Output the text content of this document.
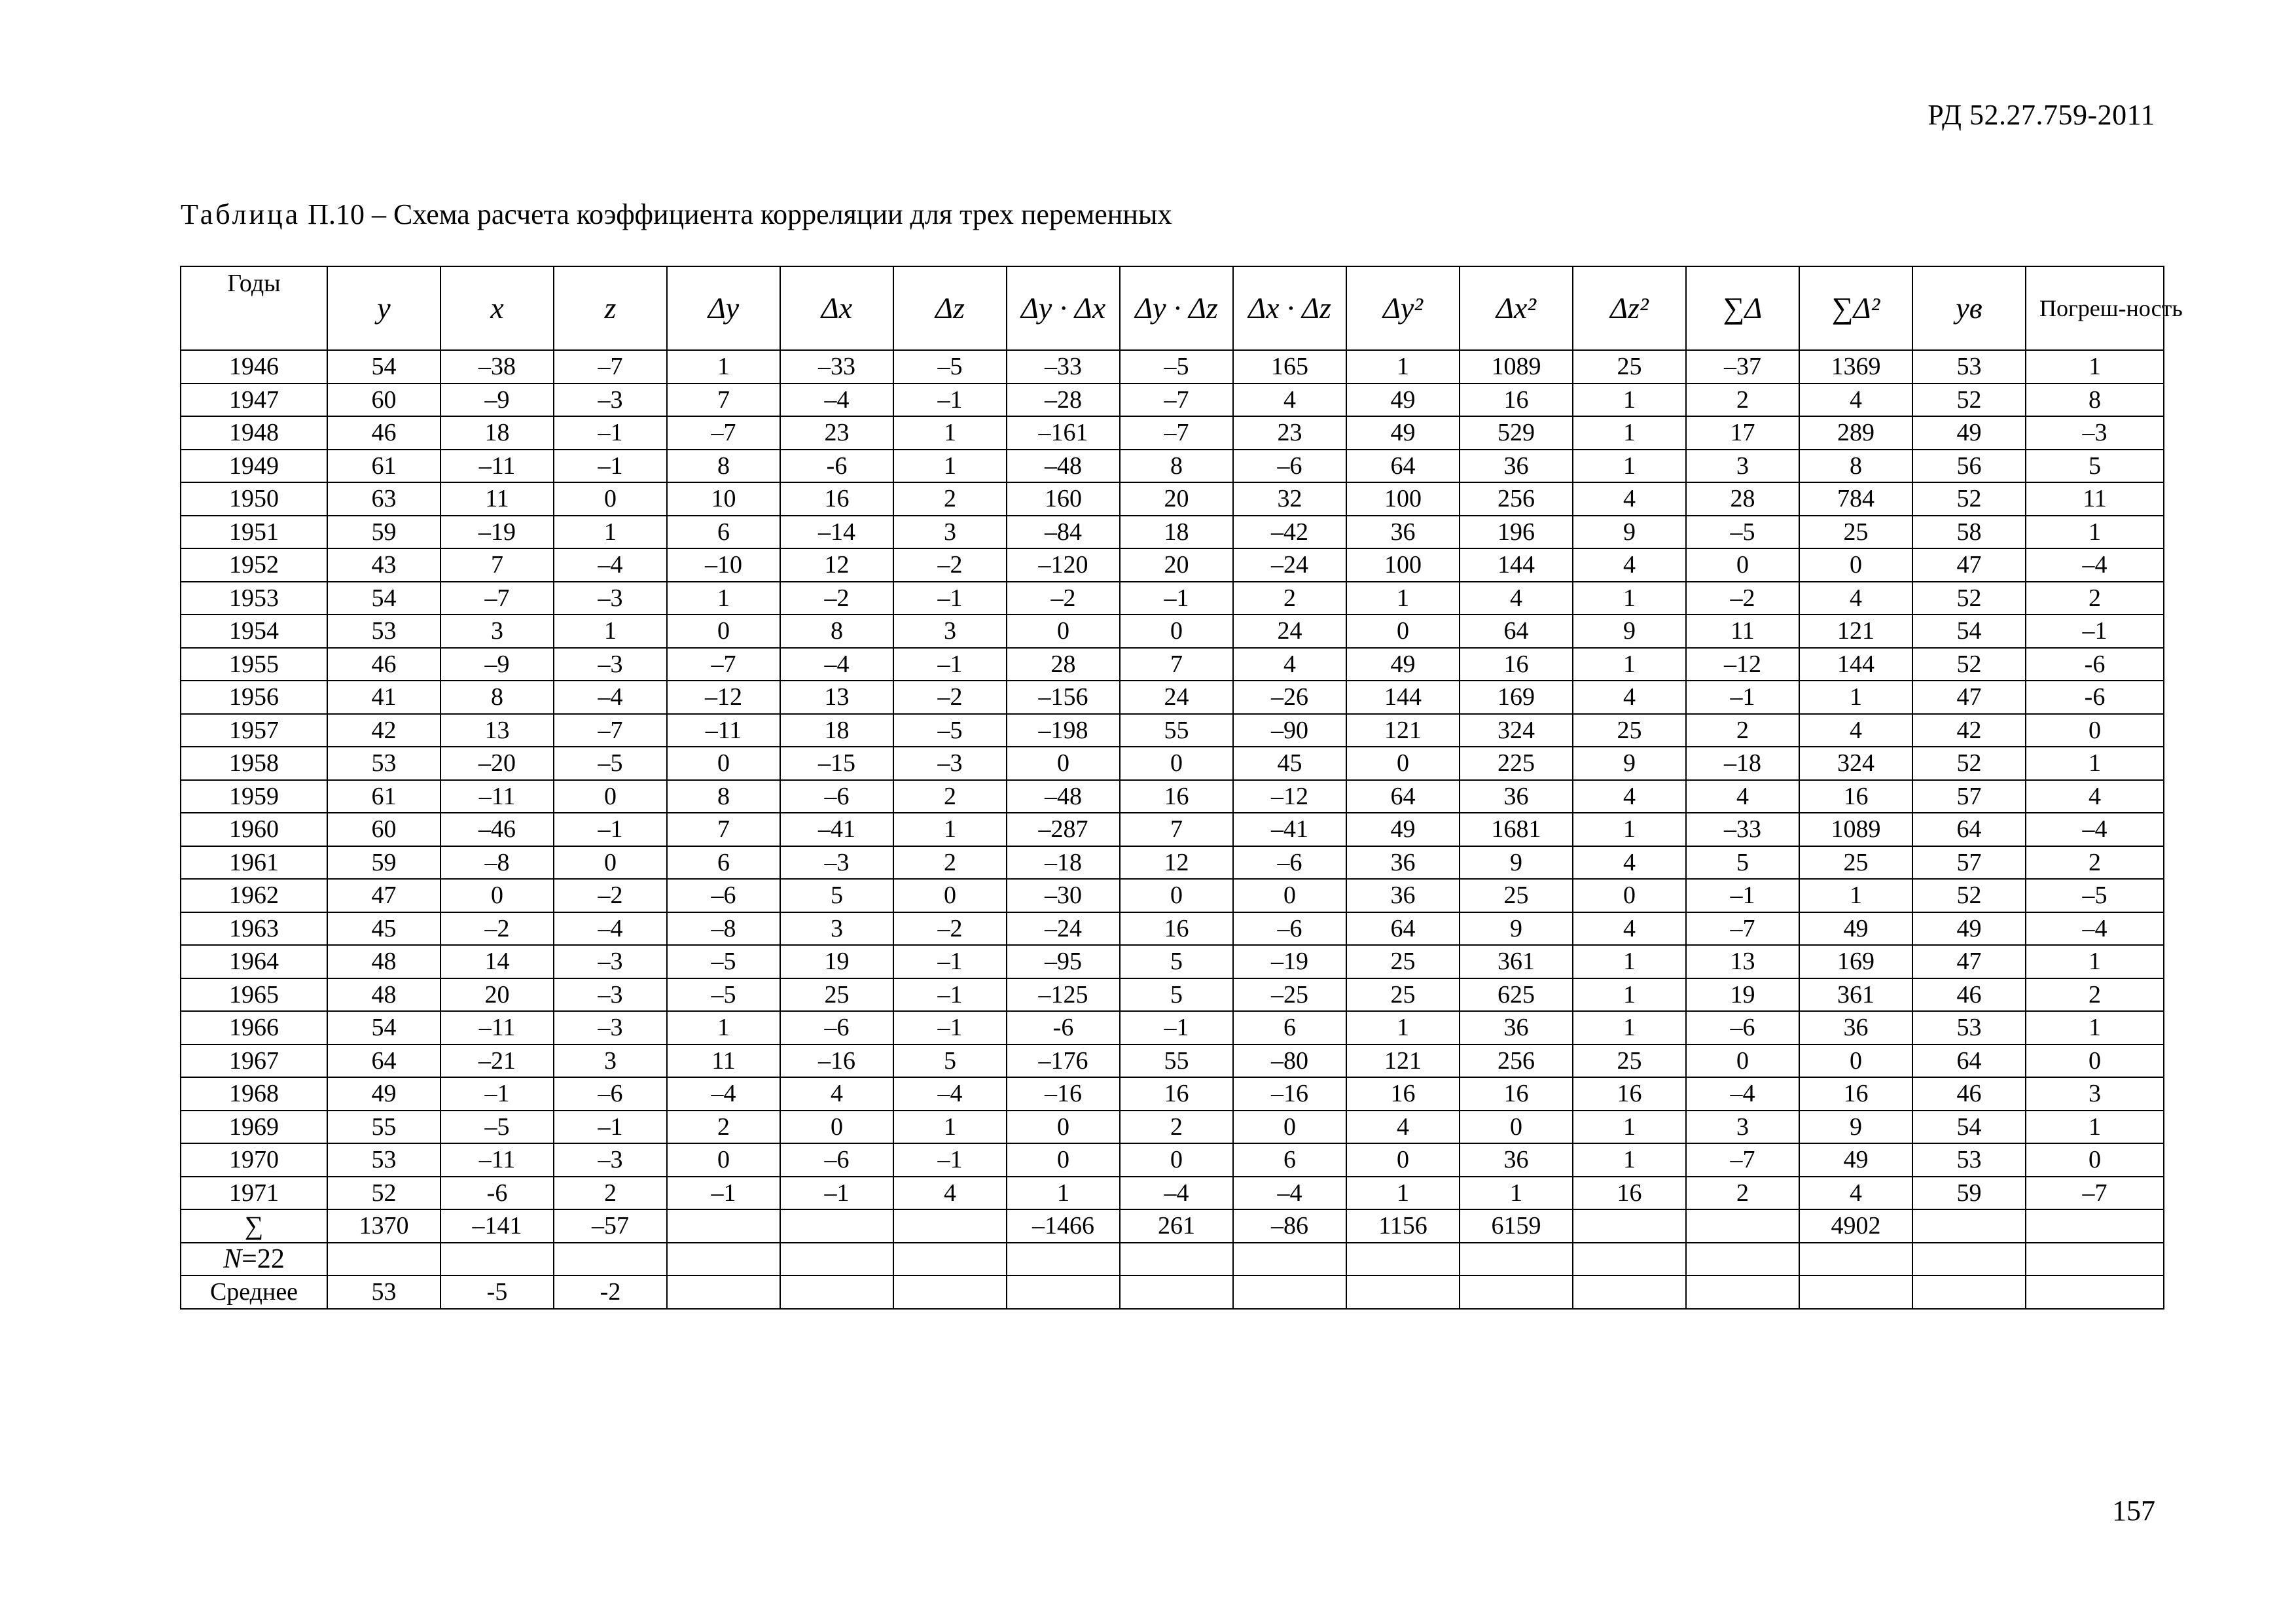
РД 52.27.759-2011
Таблица П.10 – Схема расчета коэффициента корреляции для трех переменных
Годы	y	x	z	Δy	Δx	Δz	Δy · Δx	Δy · Δz	Δx · Δz	Δy²	Δx²	Δz²	∑Δ	∑Δ²	yв	Погреш-ность
1946	54	–38	–7	1	–33	–5	–33	–5	165	1	1089	25	–37	1369	53	1
1947	60	–9	–3	7	–4	–1	–28	–7	4	49	16	1	2	4	52	8
1948	46	18	–1	–7	23	1	–161	–7	23	49	529	1	17	289	49	–3
1949	61	–11	–1	8	-6	1	–48	8	–6	64	36	1	3	8	56	5
1950	63	11	0	10	16	2	160	20	32	100	256	4	28	784	52	11
1951	59	–19	1	6	–14	3	–84	18	–42	36	196	9	–5	25	58	1
1952	43	7	–4	–10	12	–2	–120	20	–24	100	144	4	0	0	47	–4
1953	54	–7	–3	1	–2	–1	–2	–1	2	1	4	1	–2	4	52	2
1954	53	3	1	0	8	3	0	0	24	0	64	9	11	121	54	–1
1955	46	–9	–3	–7	–4	–1	28	7	4	49	16	1	–12	144	52	-6
1956	41	8	–4	–12	13	–2	–156	24	–26	144	169	4	–1	1	47	-6
1957	42	13	–7	–11	18	–5	–198	55	–90	121	324	25	2	4	42	0
1958	53	–20	–5	0	–15	–3	0	0	45	0	225	9	–18	324	52	1
1959	61	–11	0	8	–6	2	–48	16	–12	64	36	4	4	16	57	4
1960	60	–46	–1	7	–41	1	–287	7	–41	49	1681	1	–33	1089	64	–4
1961	59	–8	0	6	–3	2	–18	12	–6	36	9	4	5	25	57	2
1962	47	0	–2	–6	5	0	–30	0	0	36	25	0	–1	1	52	–5
1963	45	–2	–4	–8	3	–2	–24	16	–6	64	9	4	–7	49	49	–4
1964	48	14	–3	–5	19	–1	–95	5	–19	25	361	1	13	169	47	1
1965	48	20	–3	–5	25	–1	–125	5	–25	25	625	1	19	361	46	2
1966	54	–11	–3	1	–6	–1	-6	–1	6	1	36	1	–6	36	53	1
1967	64	–21	3	11	–16	5	–176	55	–80	121	256	25	0	0	64	0
1968	49	–1	–6	–4	4	–4	–16	16	–16	16	16	16	–4	16	46	3
1969	55	–5	–1	2	0	1	0	2	0	4	0	1	3	9	54	1
1970	53	–11	–3	0	–6	–1	0	0	6	0	36	1	–7	49	53	0
1971	52	-6	2	–1	–1	4	1	–4	–4	1	1	16	2	4	59	–7
∑	1370	–141	–57				–1466	261	–86	1156	6159			4902		
N=22																
Среднее	53	-5	-2													
157
